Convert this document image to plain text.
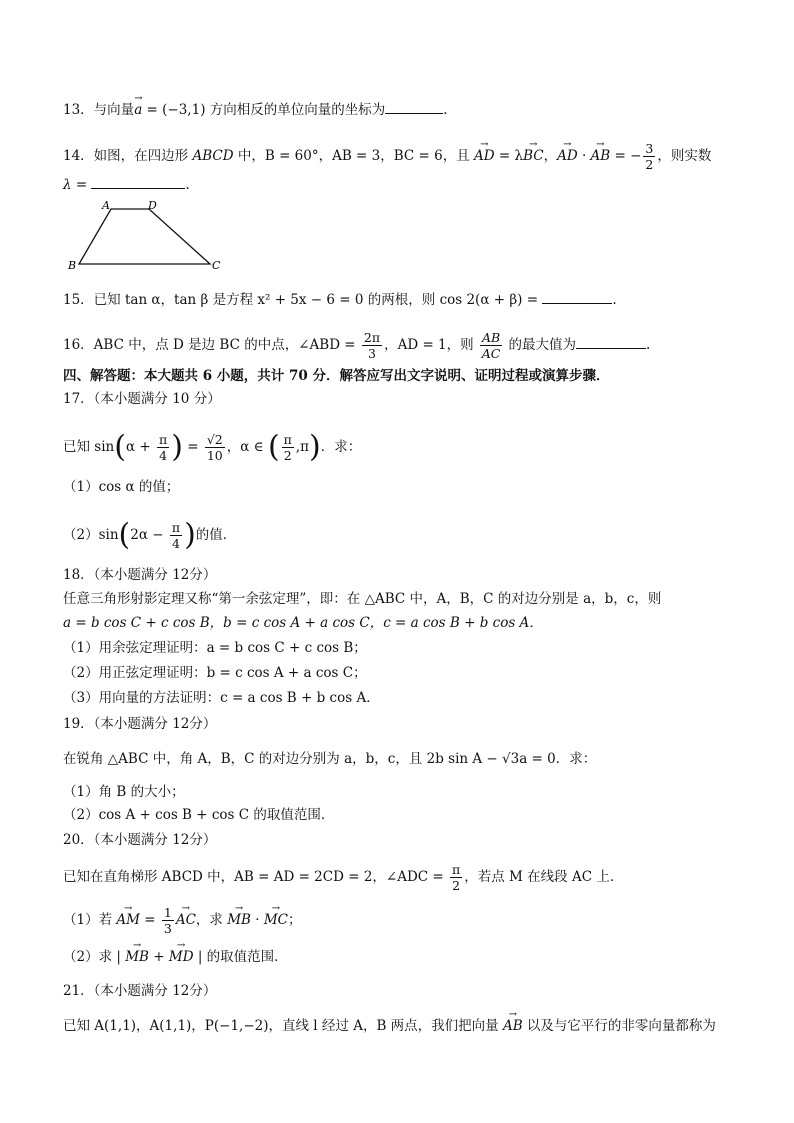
13．与向量→ a = (−3,1) 方向相反的单位向量的坐标为	.
14．如图，在四边形 ABCD 中，B = 60°，AB = 3，BC = 6，且 → AD = λ→ BC，→ AD · → AB = − $\frac{3}{2}$ ，则实数
λ =	.
A	D
B	C
15．已知 tan α，tan β 是方程 x² + 5x − 6 = 0 的两根，则 cos 2(α + β) =	.
16．ABC 中，点 D 是边 BC 的中点，∠ABD = $\frac{2\pi}{3}$ ，AD = 1，则 $\frac{AB}{AC}$ 的最大值为	.
四、解答题：本大题共 6 小题，共计 70 分．解答应写出文字说明、证明过程或演算步骤．
17．（本小题满分 10 分）
已知 $\sin(\alpha + \frac{\pi}{4}$ ) = $\frac{√2}{10}$ ，α ∈ ( $\frac{\pi}{2} ,\pi$)．求：
（1）cos α 的值；
$(2)\sin(2\alpha - \frac{\pi}{4}$ )的值．
18．（本小题满分 12分）
任意三角形射影定理又称“第一余弦定理”，即：在 △ABC 中，A，B，C 的对边分别是 a，b，c，则
a = b cos C + c cos B，b = c cos A + a cos C，c = a cos B + b cos A．
（1）用余弦定理证明：a = b cos C + c cos B；
（2）用正弦定理证明：b = c cos A + a cos C；
（3）用向量的方法证明：c = a cos B + b cos A．
19．（本小题满分 12分）
在锐角 △ABC 中，角 A，B，C 的对边分别为 a，b，c，且 2b sin A − √3a = 0．求：
（1）角 B 的大小；
（2）cos A + cos B + cos C 的取值范围．
20．（本小题满分 12分）
已知在直角梯形 ABCD 中，AB = AD = 2CD = 2，∠ADC = $\frac{\pi}{2}$ ，若点 M 在线段 AC 上．
（1）若 → AM = $\frac{1}{3}$
→ AC，求 → MB · → MC；
（2）求 | → MB + → MD | 的取值范围．
21．（本小题满分 12分）
已知 A(1,1)，A(1,1)，P(−1,−2)，直线 l 经过 A，B 两点，我们把向量 → AB 以及与它平行的非零向量都称为
